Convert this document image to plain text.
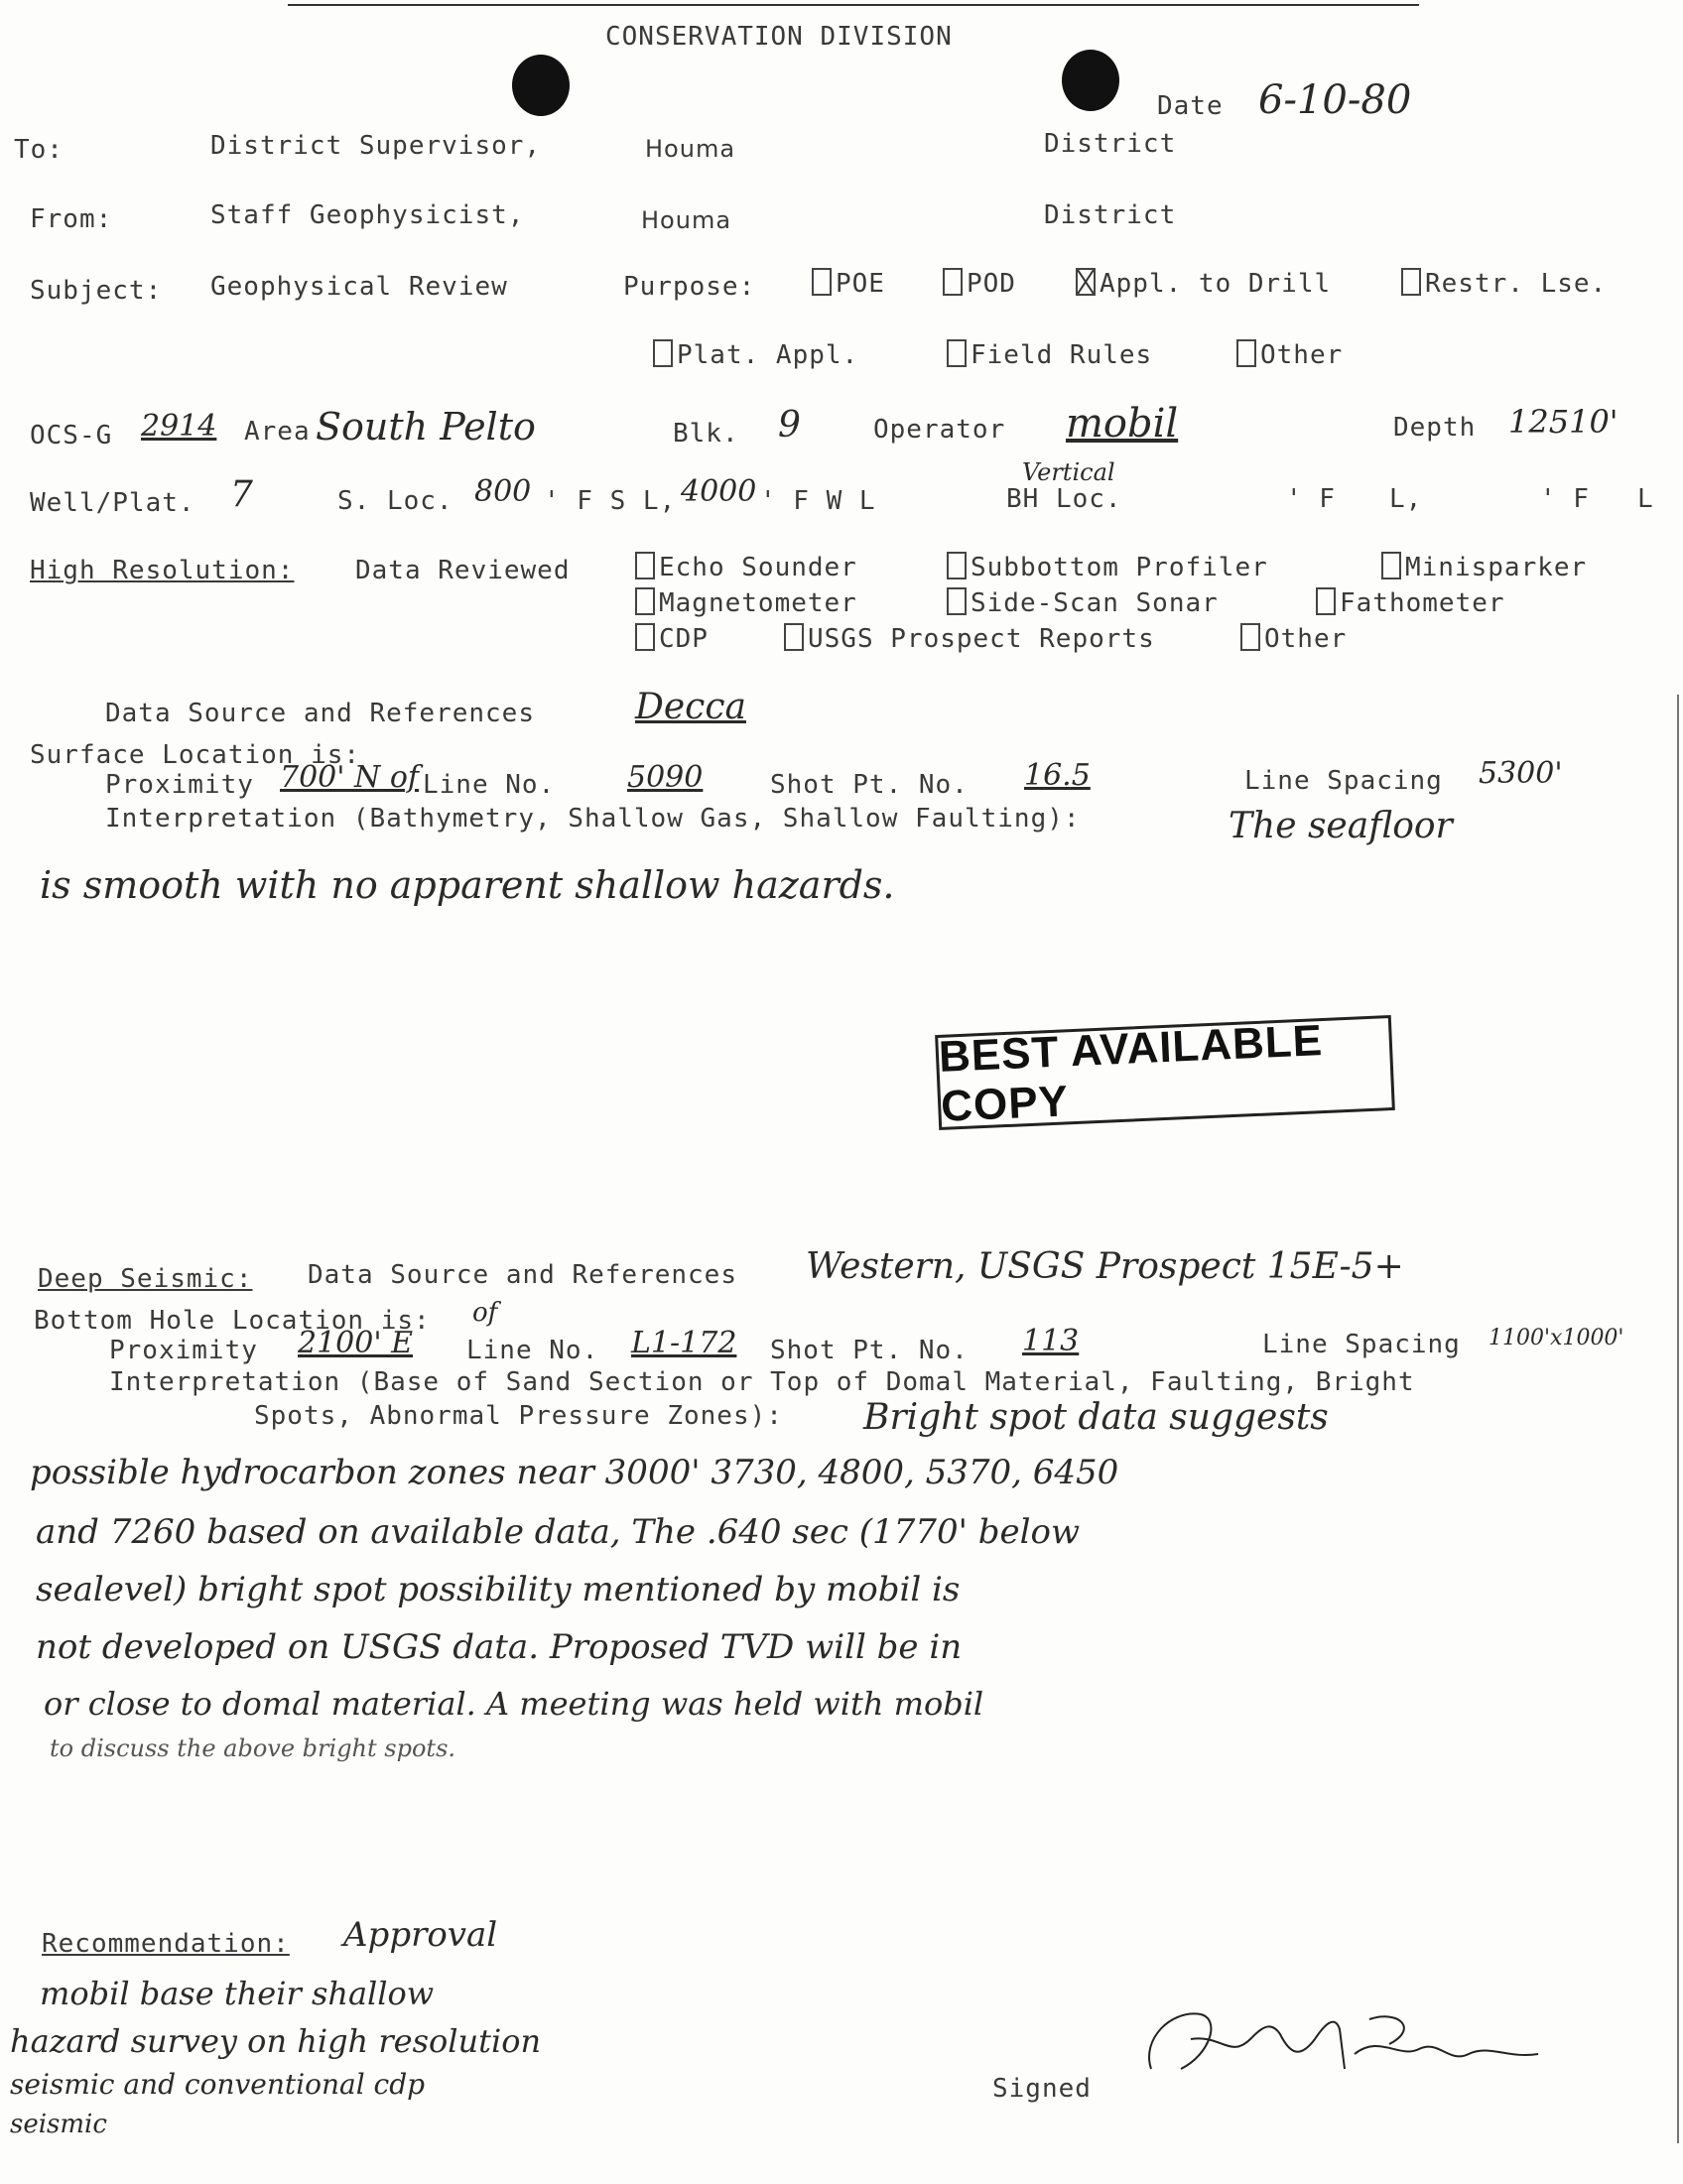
CONSERVATION DIVISION
Date 6-10-80
To:	District Supervisor,	Houma	District
From:	Staff Geophysicist,	Houma	District
Subject: Geophysical Review	Purpose:	POE	POD	Appl. to Drill	Restr. Lse.
Plat. Appl.	Field Rules	Other
OCS-G 2914 Area South Pelto	Blk. 9	Operator mobil	Depth 12510'
Well/Plat. 7	S. Loc. 800 ' F S L, 4000 ' F W L
Vertical
BH Loc.	' F L,	' F L
High Resolution: Data Reviewed	Echo Sounder	Subbottom Profiler	Minisparker
Magnetometer	Side-Scan Sonar	Fathometer
CDP	USGS Prospect Reports	Other
Data Source and References	Decca
Surface Location is:
Proximity 700' N of Line No. 5090	Shot Pt. No. 16.5	Line Spacing 5300'
Interpretation (Bathymetry, Shallow Gas, Shallow Faulting):	The seafloor
is smooth with no apparent shallow hazards.
BEST AVAILABLE COPY
Deep Seismic: Data Source and References Western, USGS Prospect 15E-5+
Bottom Hole Location is: of
Proximity 2100' E Line No. L1-172 Shot Pt. No. 113	Line Spacing 1100'x1000'
Interpretation (Base of Sand Section or Top of Domal Material, Faulting, Bright
Spots, Abnormal Pressure Zones): Bright spot data suggests
possible hydrocarbon zones near 3000' 3730, 4800, 5370, 6450
and 7260 based on available data, The .640 sec (1770' below
sealevel) bright spot possibility mentioned by mobil is
not developed on USGS data. Proposed TVD will be in
or close to domal material. A meeting was held with mobil
to discuss the above bright spots.
Recommendation: Approval
mobil base their shallow
hazard survey on high resolution
seismic and conventional cdp
seismic
Signed
